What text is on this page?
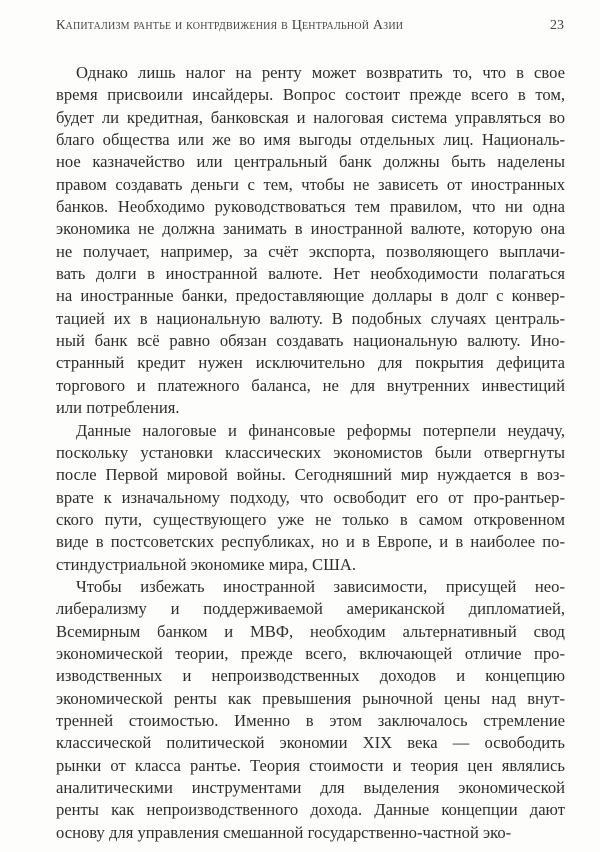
Капитализм рантье и контрдвижения в Центральной Азии	23
Однако лишь налог на ренту может возвратить то, что в свое
время присвоили инсайдеры. Вопрос состоит прежде всего в том,
будет ли кредитная, банковская и налоговая система управляться во
благо общества или же во имя выгоды отдельных лиц. Националь-
ное казначейство или центральный банк должны быть наделены
правом создавать деньги с тем, чтобы не зависеть от иностранных
банков. Необходимо руководствоваться тем правилом, что ни одна
экономика не должна занимать в иностранной валюте, которую она
не получает, например, за счёт экспорта, позволяющего выплачи-
вать долги в иностранной валюте. Нет необходимости полагаться
на иностранные банки, предоставляющие доллары в долг с конвер-
тацией их в национальную валюту. В подобных случаях централь-
ный банк всё равно обязан создавать национальную валюту. Ино-
странный кредит нужен исключительно для покрытия дефицита
торгового и платежного баланса, не для внутренних инвестиций
или потребления.
Данные налоговые и финансовые реформы потерпели неудачу,
поскольку установки классических экономистов были отвергнуты
после Первой мировой войны. Сегодняшний мир нуждается в воз-
врате к изначальному подходу, что освободит его от про-рантьер-
ского пути, существующего уже не только в самом откровенном
виде в постсоветских республиках, но и в Европе, и в наиболее по-
стиндустриальной экономике мира, США.
Чтобы избежать иностранной зависимости, присущей нео-
либерализму и поддерживаемой американской дипломатией,
Всемирным банком и МВФ, необходим альтернативный свод
экономической теории, прежде всего, включающей отличие про-
изводственных и непроизводственных доходов и концепцию
экономической ренты как превышения рыночной цены над внут-
тренней стоимостью. Именно в этом заключалось стремление
классической политической экономии XIX века — освободить
рынки от класса рантье. Теория стоимости и теория цен являлись
аналитическими инструментами для выделения экономической
ренты как непроизводственного дохода. Данные концепции дают
основу для управления смешанной государственно-частной эко-
